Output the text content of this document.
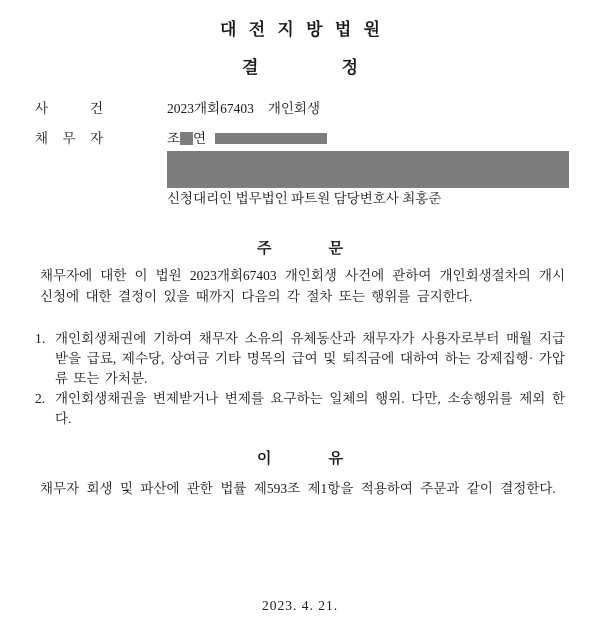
대 전 지 방 법 원
결 정
사 건	2023개회67403 개인회생
채 무 자	조 연
신청대리인 법무법인 파트원 담당변호사 최홍준
주 문
채무자에 대한 이 법원 2023개회67403 개인회생 사건에 관하여 개인회생절차의 개시 신청에 대한 결정이 있을 때까지 다음의 각 절차 또는 행위를 금지한다.
1. 개인회생채권에 기하여 채무자 소유의 유체동산과 채무자가 사용자로부터 매월 지급받을 급료, 제수당, 상여금 기타 명목의 급여 및 퇴직금에 대하여 하는 강제집행· 가압류 또는 가처분.
2. 개인회생채권을 변제받거나 변제를 요구하는 일체의 행위. 다만, 소송행위를 제외 한다.
이 유
채무자 회생 및 파산에 관한 법률 제593조 제1항을 적용하여 주문과 같이 결정한다.
2023. 4. 21.
